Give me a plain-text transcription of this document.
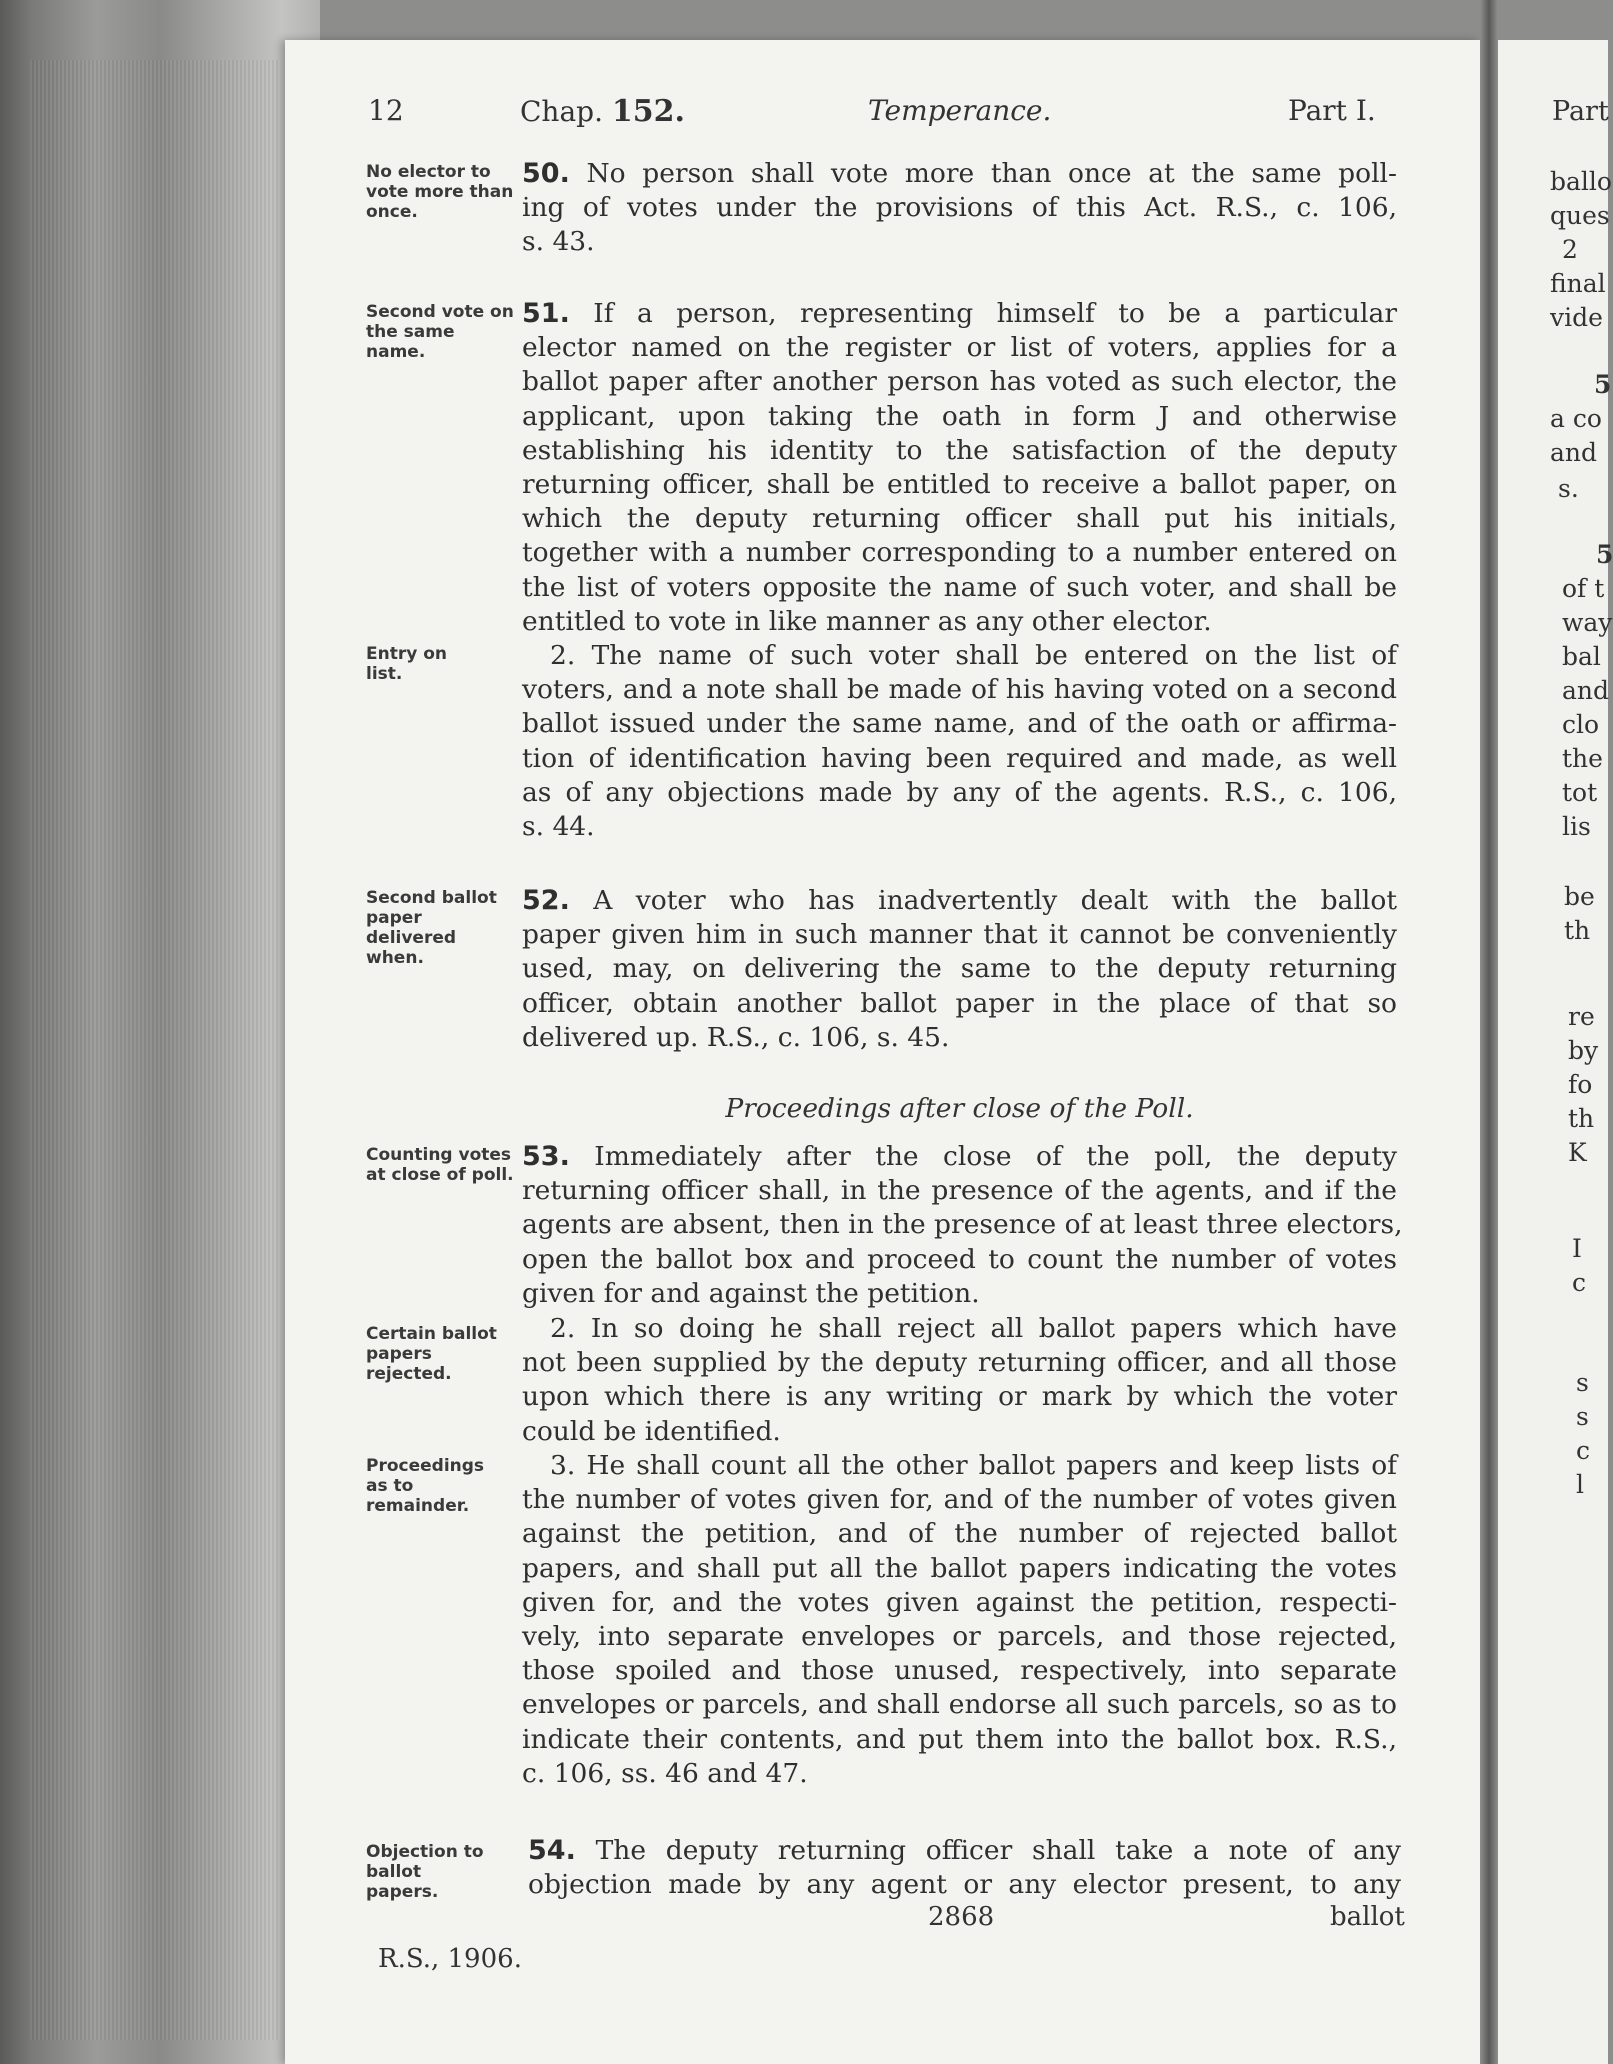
Part
ballo
ques
2
final
vide
5
a co
and
s.
5
of t
way
bal
and
clo
the
tot
lis
be
th
re
by
fo
th
K
I
c
s
s
c
l
12	Chap. 152.	Temperance.	Part I.
No elector to vote more than once.
Second vote on the same name.
Entry on list.
Second ballot paper delivered when.
Counting votes at close of poll.
Certain ballot papers rejected.
Proceedings as to remainder.
Objection to ballot papers.
50. No person shall vote more than once at the same poll-
ing of votes under the provisions of this Act. R.S., c. 106,
s. 43.
51. If a person, representing himself to be a particular
elector named on the register or list of voters, applies for a
ballot paper after another person has voted as such elector, the
applicant, upon taking the oath in form J and otherwise
establishing his identity to the satisfaction of the deputy
returning officer, shall be entitled to receive a ballot paper, on
which the deputy returning officer shall put his initials,
together with a number corresponding to a number entered on
the list of voters opposite the name of such voter, and shall be
entitled to vote in like manner as any other elector.
2. The name of such voter shall be entered on the list of
voters, and a note shall be made of his having voted on a second
ballot issued under the same name, and of the oath or affirma-
tion of identification having been required and made, as well
as of any objections made by any of the agents. R.S., c. 106,
s. 44.
52. A voter who has inadvertently dealt with the ballot
paper given him in such manner that it cannot be conveniently
used, may, on delivering the same to the deputy returning
officer, obtain another ballot paper in the place of that so
delivered up. R.S., c. 106, s. 45.
Proceedings after close of the Poll.
53. Immediately after the close of the poll, the deputy
returning officer shall, in the presence of the agents, and if the
agents are absent, then in the presence of at least three electors,
open the ballot box and proceed to count the number of votes
given for and against the petition.
2. In so doing he shall reject all ballot papers which have
not been supplied by the deputy returning officer, and all those
upon which there is any writing or mark by which the voter
could be identified.
3. He shall count all the other ballot papers and keep lists of
the number of votes given for, and of the number of votes given
against the petition, and of the number of rejected ballot
papers, and shall put all the ballot papers indicating the votes
given for, and the votes given against the petition, respecti-
vely, into separate envelopes or parcels, and those rejected,
those spoiled and those unused, respectively, into separate
envelopes or parcels, and shall endorse all such parcels, so as to
indicate their contents, and put them into the ballot box. R.S.,
c. 106, ss. 46 and 47.
54. The deputy returning officer shall take a note of any
objection made by any agent or any elector present, to any
2868	ballot
R.S., 1906.
